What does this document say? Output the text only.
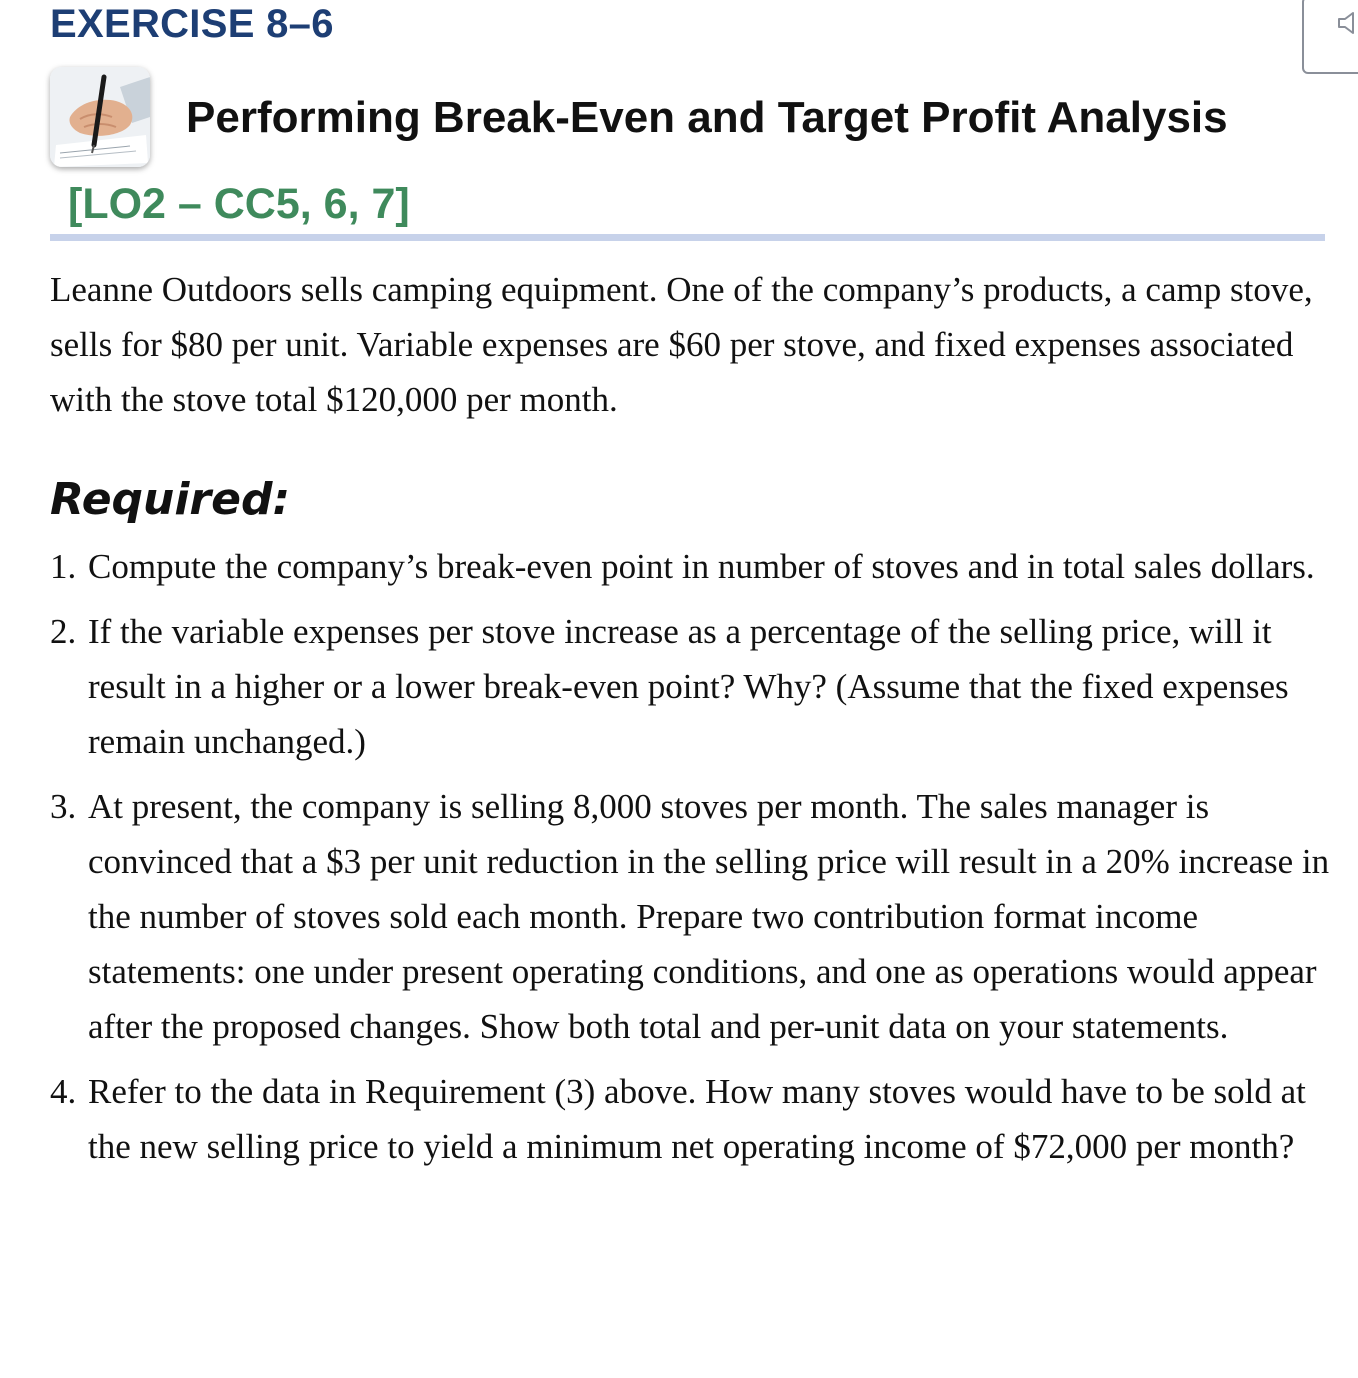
EXERCISE 8–6
Performing Break-Even and Target Profit Analysis
[LO2 – CC5, 6, 7]

Leanne Outdoors sells camping equipment. One of the company’s products, a camp stove, sells for $80 per unit. Variable expenses are $60 per stove, and fixed expenses associated with the stove total $120,000 per month.

Required:
1. Compute the company’s break-even point in number of stoves and in total sales dollars.
2. If the variable expenses per stove increase as a percentage of the selling price, will it result in a higher or a lower break-even point? Why? (Assume that the fixed expenses remain unchanged.)
3. At present, the company is selling 8,000 stoves per month. The sales manager is convinced that a $3 per unit reduction in the selling price will result in a 20% increase in the number of stoves sold each month. Prepare two contribution format income statements: one under present operating conditions, and one as operations would appear after the proposed changes. Show both total and per-unit data on your statements.
4. Refer to the data in Requirement (3) above. How many stoves would have to be sold at the new selling price to yield a minimum net operating income of $72,000 per month?
